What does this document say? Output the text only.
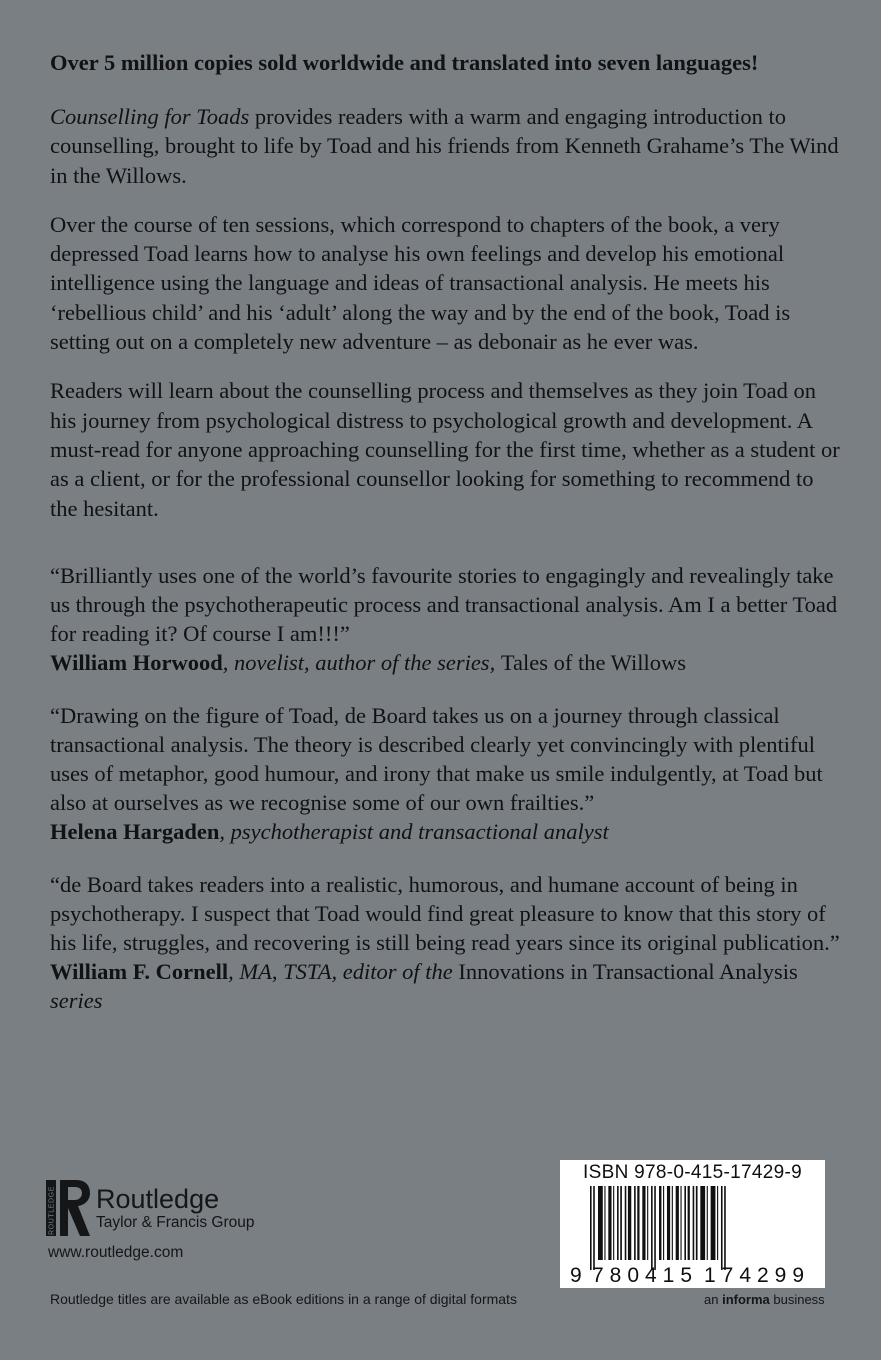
Over 5 million copies sold worldwide and translated into seven languages!

Counselling for Toads provides readers with a warm and engaging introduction to counselling, brought to life by Toad and his friends from Kenneth Grahame’s The Wind in the Willows.

Over the course of ten sessions, which correspond to chapters of the book, a very depressed Toad learns how to analyse his own feelings and develop his emotional intelligence using the language and ideas of transactional analysis. He meets his ‘rebellious child’ and his ‘adult’ along the way and by the end of the book, Toad is setting out on a completely new adventure – as debonair as he ever was.

Readers will learn about the counselling process and themselves as they join Toad on his journey from psychological distress to psychological growth and development. A must-read for anyone approaching counselling for the first time, whether as a student or as a client, or for the professional counsellor looking for something to recommend to the hesitant.

“Brilliantly uses one of the world’s favourite stories to engagingly and revealingly take us through the psychotherapeutic process and transactional analysis. Am I a better Toad for reading it? Of course I am!!!”
William Horwood, novelist, author of the series, Tales of the Willows
“Drawing on the figure of Toad, de Board takes us on a journey through classical transactional analysis. The theory is described clearly yet convincingly with plentiful uses of metaphor, good humour, and irony that make us smile indulgently, at Toad but also at ourselves as we recognise some of our own frailties.”
Helena Hargaden, psychotherapist and transactional analyst
“de Board takes readers into a realistic, humorous, and humane account of being in psychotherapy. I suspect that Toad would find great pleasure to know that this story of his life, struggles, and recovering is still being read years since its original publication.”
William F. Cornell, MA, TSTA, editor of the Innovations in Transactional Analysis series
ROUTLEDGE Routledge
Taylor & Francis Group
www.routledge.com
Routledge titles are available as eBook editions in a range of digital formats
9 780415 174299
ISBN 978-0-415-17429-9
an informa business
